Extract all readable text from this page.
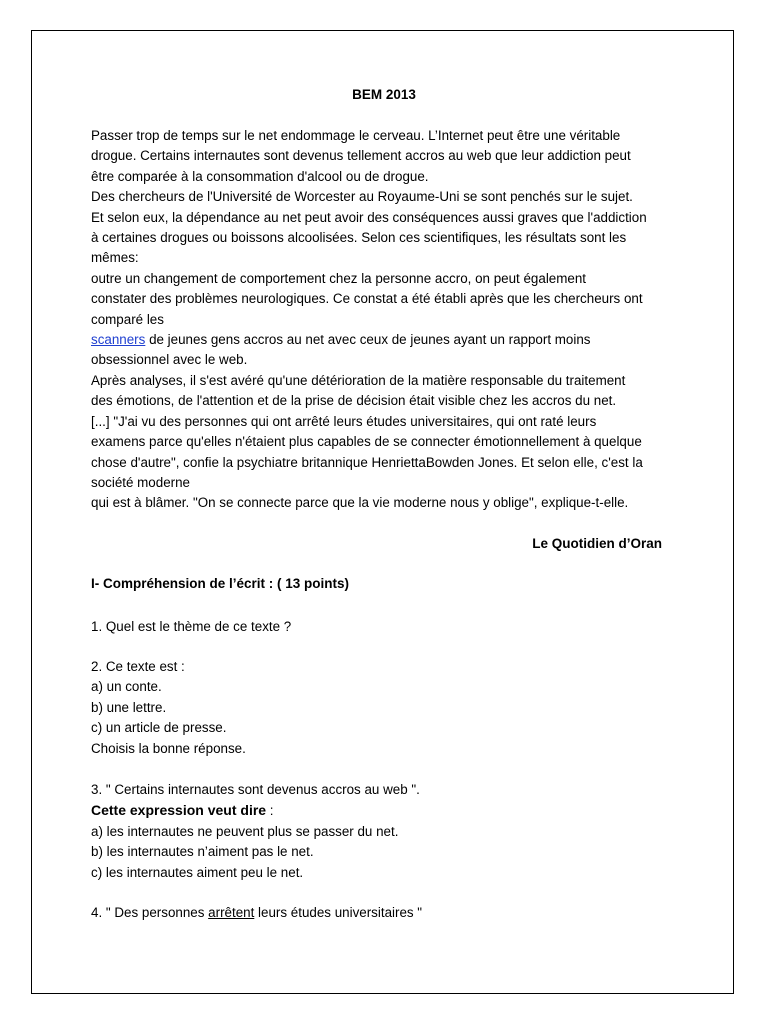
BEM 2013

Passer trop de temps sur le net endommage le cerveau. L’Internet peut être une véritable

drogue. Certains internautes sont devenus tellement accros au web que leur addiction peut

être comparée à la consommation d'alcool ou de drogue.

Des chercheurs de l'Université de Worcester au Royaume-Uni se sont penchés sur le sujet.

Et selon eux, la dépendance au net peut avoir des conséquences aussi graves que l'addiction

à certaines drogues ou boissons alcoolisées. Selon ces scientifiques, les résultats sont les

mêmes:

outre un changement de comportement chez la personne accro, on peut également

constater des problèmes neurologiques. Ce constat a été établi après que les chercheurs ont

comparé les

scanners de jeunes gens accros au net avec ceux de jeunes ayant un rapport moins

obsessionnel avec le web.

Après analyses, il s'est avéré qu'une détérioration de la matière responsable du traitement

des émotions, de l'attention et de la prise de décision était visible chez les accros du net.

[...] "J'ai vu des personnes qui ont arrêté leurs études universitaires, qui ont raté leurs

examens parce qu'elles n'étaient plus capables de se connecter émotionnellement à quelque

chose d'autre", confie la psychiatre britannique HenriettaBowden Jones. Et selon elle, c'est la

société moderne

qui est à blâmer. "On se connecte parce que la vie moderne nous y oblige", explique-t-elle.

Le Quotidien d’Oran
I- Compréhension de l’écrit : ( 13 points)

1. Quel est le thème de ce texte ?

2. Ce texte est :

a) un conte.

b) une lettre.

c) un article de presse.

Choisis la bonne réponse.

3. " Certains internautes sont devenus accros au web ".

Cette expression veut dire :

a) les internautes ne peuvent plus se passer du net.

b) les internautes n’aiment pas le net.

c) les internautes aiment peu le net.

4. " Des personnes arrêtent leurs études universitaires "
